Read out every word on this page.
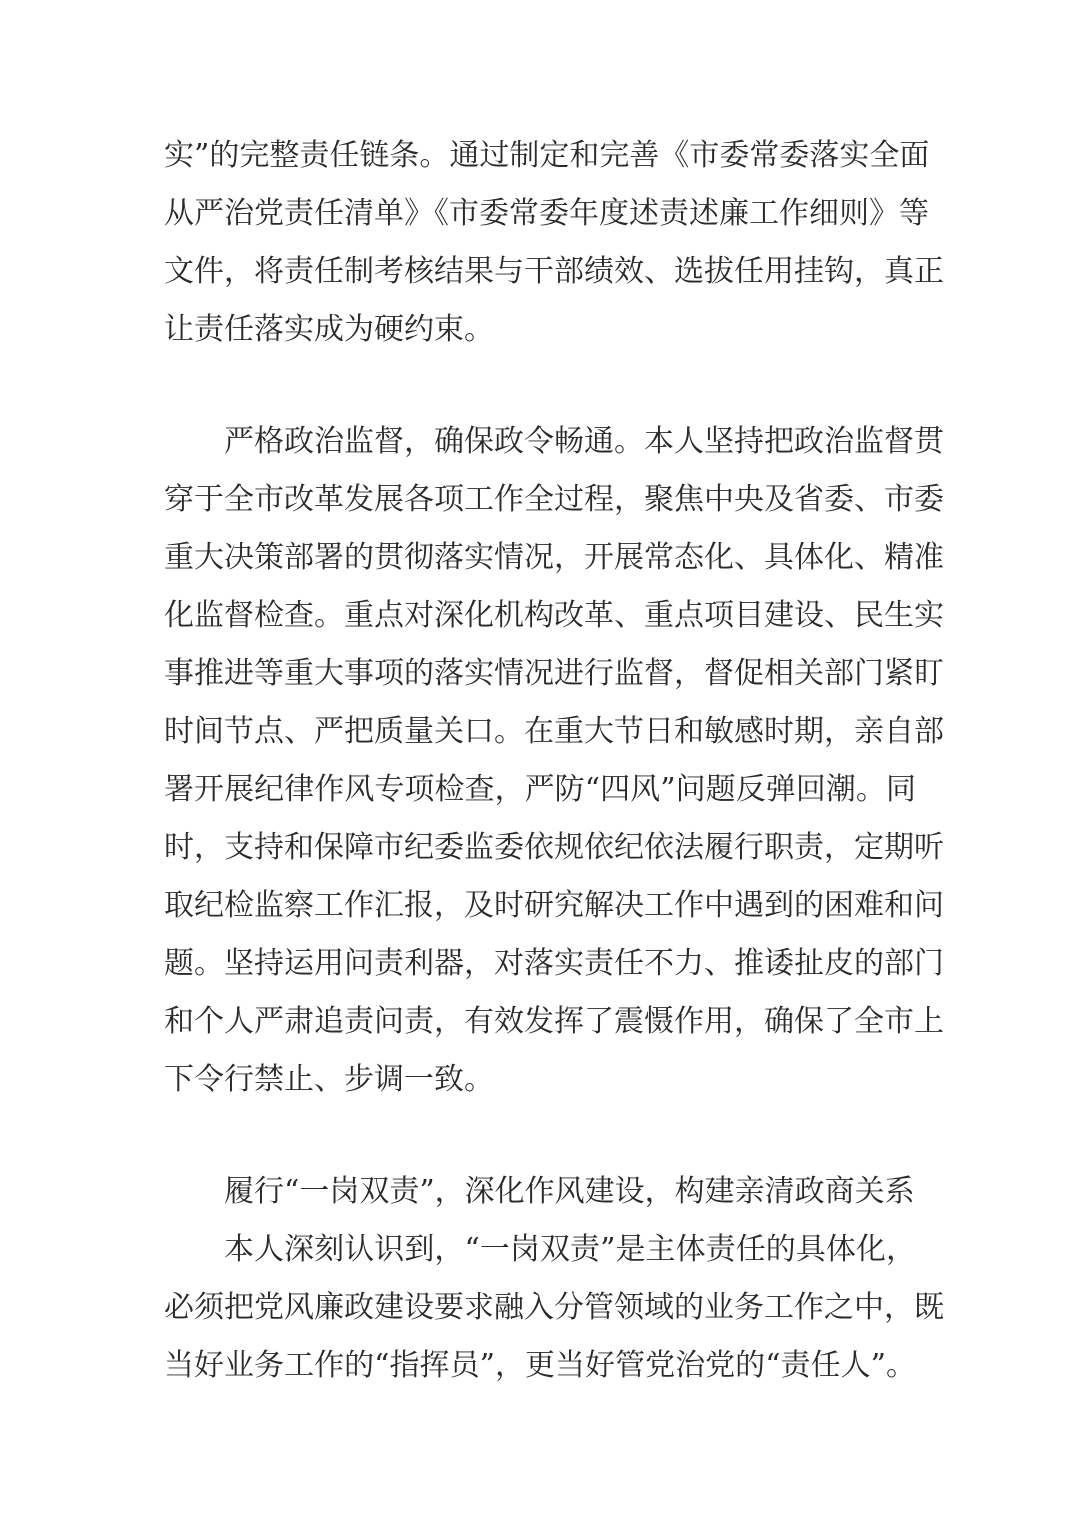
实”的完整责任链条。通过制定和完善《市委常委落实全面
从严治党责任清单》《市委常委年度述责述廉工作细则》等
文件，将责任制考核结果与干部绩效、选拔任用挂钩，真正
让责任落实成为硬约束。
严格政治监督，确保政令畅通。本人坚持把政治监督贯
穿于全市改革发展各项工作全过程，聚焦中央及省委、市委
重大决策部署的贯彻落实情况，开展常态化、具体化、精准
化监督检查。重点对深化机构改革、重点项目建设、民生实
事推进等重大事项的落实情况进行监督，督促相关部门紧盯
时间节点、严把质量关口。在重大节日和敏感时期，亲自部
署开展纪律作风专项检查，严防“四风”问题反弹回潮。同
时，支持和保障市纪委监委依规依纪依法履行职责，定期听
取纪检监察工作汇报，及时研究解决工作中遇到的困难和问
题。坚持运用问责利器，对落实责任不力、推诿扯皮的部门
和个人严肃追责问责，有效发挥了震慑作用，确保了全市上
下令行禁止、步调一致。
履行“一岗双责”，深化作风建设，构建亲清政商关系
本人深刻认识到，“一岗双责”是主体责任的具体化，
必须把党风廉政建设要求融入分管领域的业务工作之中，既
当好业务工作的“指挥员”，更当好管党治党的“责任人”。
